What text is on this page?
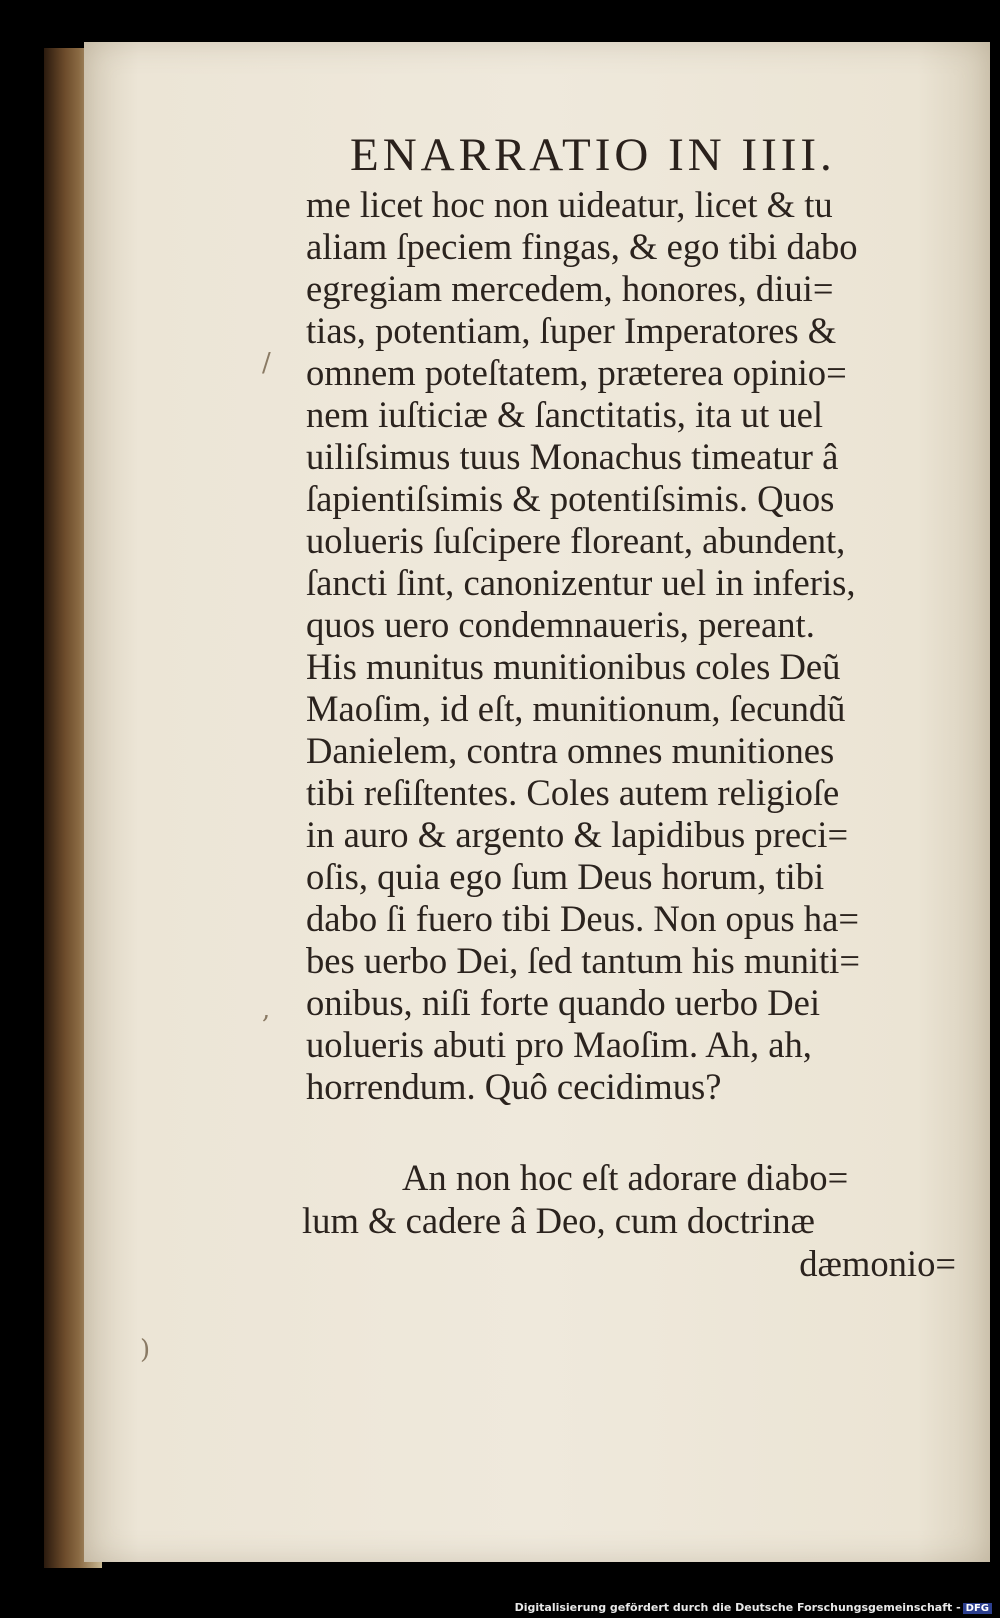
ENARRATIO IN IIII.
me licet hoc non uideatur, licet & tu
aliam ſpeciem fingas, & ego tibi dabo
egregiam mercedem, honores, diui=
tias, potentiam, ſuper Imperatores &
omnem poteſtatem, præterea opinio=
nem iuſticiæ & ſanctitatis, ita ut uel
uiliſsimus tuus Monachus timeatur â
ſapientiſsimis & potentiſsimis. Quos
uolueris ſuſcipere floreant, abundent,
ſancti ſint, canonizentur uel in inferis,
quos uero condemnaueris, pereant.
His munitus munitionibus coles Deũ
Maoſim, id eſt, munitionum, ſecundũ
Danielem, contra omnes munitiones
tibi reſiſtentes. Coles autem religioſe
in auro & argento & lapidibus preci=
oſis, quia ego ſum Deus horum, tibi
dabo ſi fuero tibi Deus. Non opus ha=
bes uerbo Dei, ſed tantum his muniti=
onibus, niſi forte quando uerbo Dei
uolueris abuti pro Maoſim. Ah, ah,
horrendum. Quô cecidimus?
An non hoc eſt adorare diabo=
lum & cadere â Deo, cum doctrinæ
dæmonio=
/
,
)
Digitalisierung gefördert durch die Deutsche Forschungsgemeinschaft - DFG
